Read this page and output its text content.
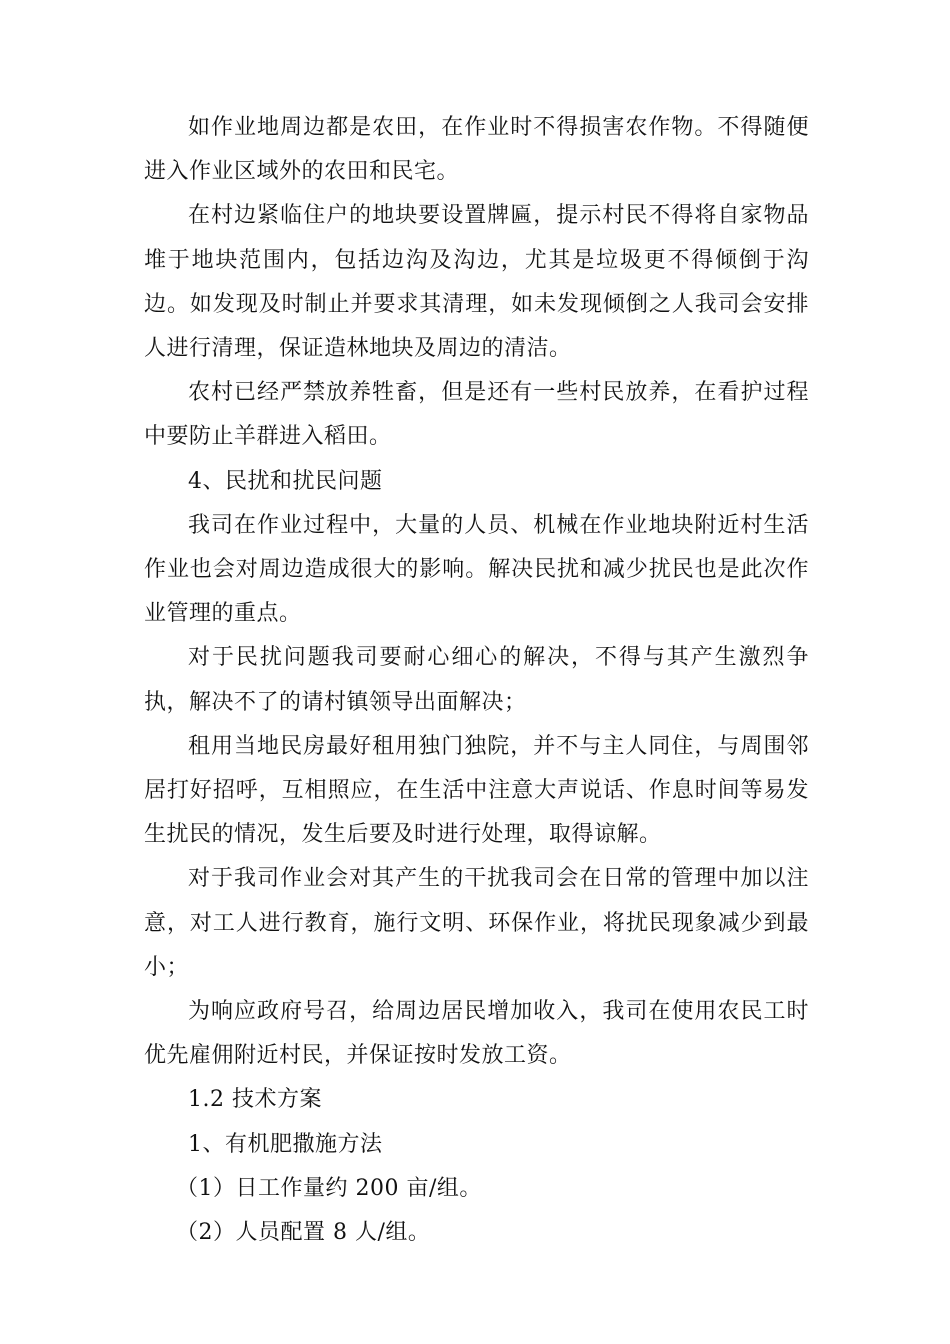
如作业地周边都是农田，在作业时不得损害农作物。不得随便进入作业区域外的农田和民宅。

在村边紧临住户的地块要设置牌匾，提示村民不得将自家物品堆于地块范围内，包括边沟及沟边，尤其是垃圾更不得倾倒于沟边。如发现及时制止并要求其清理，如未发现倾倒之人我司会安排人进行清理，保证造林地块及周边的清洁。

农村已经严禁放养牲畜，但是还有一些村民放养，在看护过程中要防止羊群进入稻田。

4、民扰和扰民问题

我司在作业过程中，大量的人员、机械在作业地块附近村生活作业也会对周边造成很大的影响。解决民扰和减少扰民也是此次作业管理的重点。

对于民扰问题我司要耐心细心的解决，不得与其产生激烈争执，解决不了的请村镇领导出面解决；

租用当地民房最好租用独门独院，并不与主人同住，与周围邻居打好招呼，互相照应，在生活中注意大声说话、作息时间等易发生扰民的情况，发生后要及时进行处理，取得谅解。

对于我司作业会对其产生的干扰我司会在日常的管理中加以注意，对工人进行教育，施行文明、环保作业，将扰民现象减少到最小；

为响应政府号召，给周边居民增加收入，我司在使用农民工时优先雇佣附近村民，并保证按时发放工资。

1.2 技术方案

1、有机肥撒施方法

（1）日工作量约 200 亩/组。

（2）人员配置 8 人/组。
